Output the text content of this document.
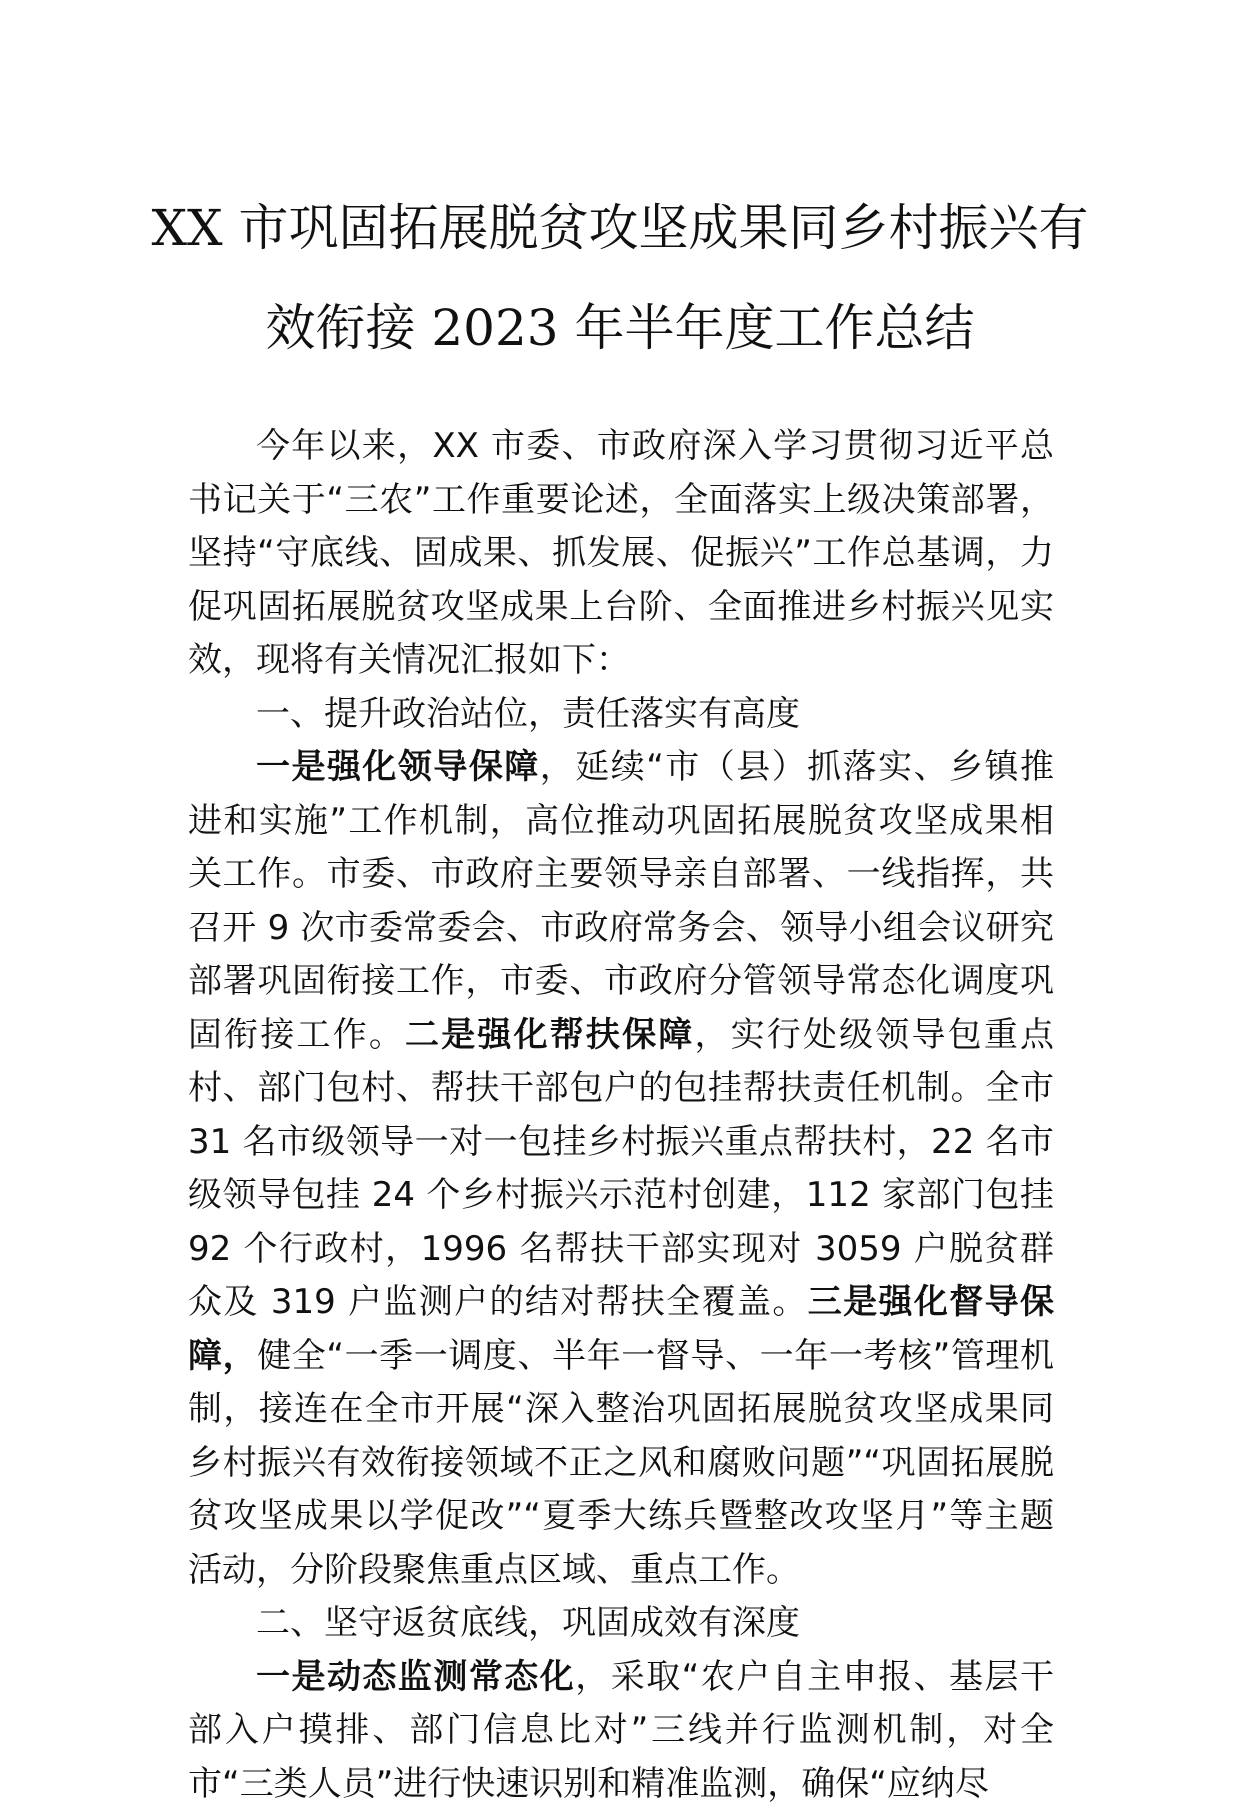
XX 市巩固拓展脱贫攻坚成果同乡村振兴有
效衔接 2023 年半年度工作总结

今年以来，XX 市委、市政府深入学习贯彻习近平总书记关于“三农”工作重要论述，全面落实上级决策部署，坚持“守底线、固成果、抓发展、促振兴”工作总基调，力促巩固拓展脱贫攻坚成果上台阶、全面推进乡村振兴见实效，现将有关情况汇报如下：

一、提升政治站位，责任落实有高度

一是强化领导保障，延续“市（县）抓落实、乡镇推进和实施”工作机制，高位推动巩固拓展脱贫攻坚成果相关工作。市委、市政府主要领导亲自部署、一线指挥，共召开 9 次市委常委会、市政府常务会、领导小组会议研究部署巩固衔接工作，市委、市政府分管领导常态化调度巩固衔接工作。二是强化帮扶保障，实行处级领导包重点村、部门包村、帮扶干部包户的包挂帮扶责任机制。全市 31 名市级领导一对一包挂乡村振兴重点帮扶村，22 名市级领导包挂 24 个乡村振兴示范村创建，112 家部门包挂 92 个行政村，1996 名帮扶干部实现对 3059 户脱贫群众及 319 户监测户的结对帮扶全覆盖。三是强化督导保障，健全“一季一调度、半年一督导、一年一考核”管理机制，接连在全市开展“深入整治巩固拓展脱贫攻坚成果同乡村振兴有效衔接领域不正之风和腐败问题”“巩固拓展脱贫攻坚成果以学促改”“夏季大练兵暨整改攻坚月”等主题活动，分阶段聚焦重点区域、重点工作。

二、坚守返贫底线，巩固成效有深度

一是动态监测常态化，采取“农户自主申报、基层干部入户摸排、部门信息比对”三线并行监测机制，对全市“三类人员”进行快速识别和精准监测，确保“应纳尽
